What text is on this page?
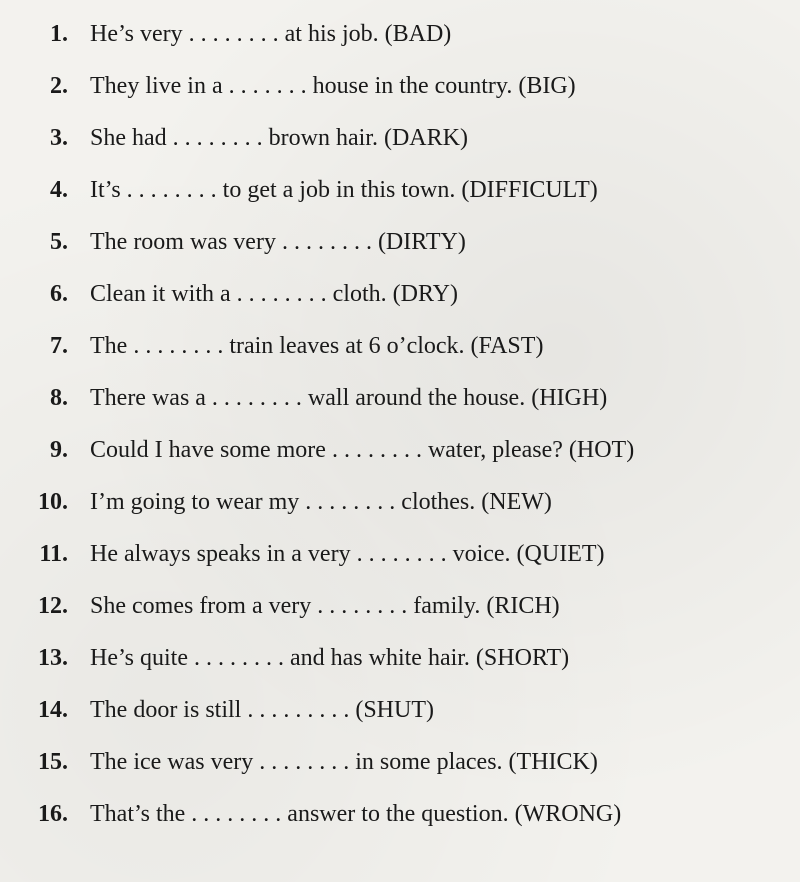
1. He’s very . . . . . . . . at his job. (BAD)
2. They live in a . . . . . . . house in the country. (BIG)
3. She had . . . . . . . . brown hair. (DARK)
4. It’s . . . . . . . . to get a job in this town. (DIFFICULT)
5. The room was very . . . . . . . . (DIRTY)
6. Clean it with a . . . . . . . . cloth. (DRY)
7. The . . . . . . . . train leaves at 6 o’clock. (FAST)
8. There was a . . . . . . . . wall around the house. (HIGH)
9. Could I have some more . . . . . . . . water, please? (HOT)
10. I’m going to wear my . . . . . . . . clothes. (NEW)
11. He always speaks in a very . . . . . . . . voice. (QUIET)
12. She comes from a very . . . . . . . . family. (RICH)
13. He’s quite . . . . . . . . and has white hair. (SHORT)
14. The door is still . . . . . . . . . (SHUT)
15. The ice was very . . . . . . . . in some places. (THICK)
16. That’s the . . . . . . . . answer to the question. (WRONG)
